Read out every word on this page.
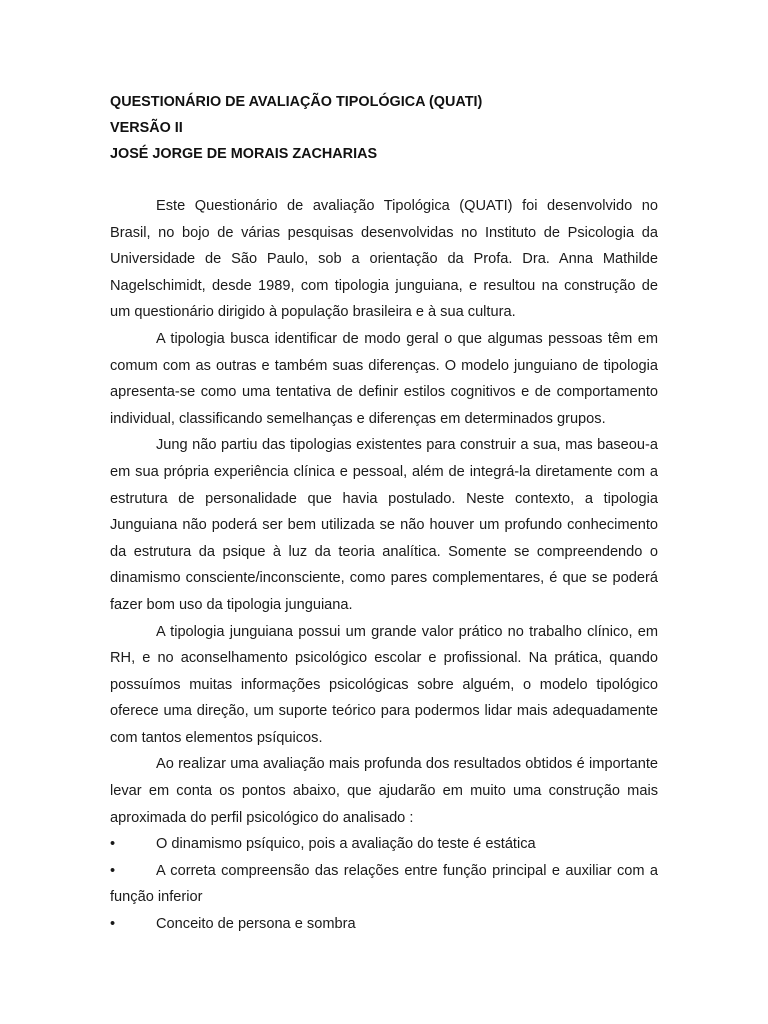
QUESTIONÁRIO DE AVALIAÇÃO TIPOLÓGICA (QUATI)
VERSÃO II
JOSÉ JORGE DE MORAIS ZACHARIAS

Este Questionário de avaliação Tipológica (QUATI) foi desenvolvido no Brasil, no bojo de várias pesquisas desenvolvidas no Instituto de Psicologia da Universidade de São Paulo, sob a orientação da Profa. Dra. Anna Mathilde Nagelschimidt, desde 1989, com tipologia junguiana, e resultou na construção de um questionário dirigido à população brasileira e à sua cultura.

A tipologia busca identificar de modo geral o que algumas pessoas têm em comum com as outras e também suas diferenças. O modelo junguiano de tipologia apresenta-se como uma tentativa de definir estilos cognitivos e de comportamento individual, classificando semelhanças e diferenças em determinados grupos.

Jung não partiu das tipologias existentes para construir a sua, mas baseou-a em sua própria experiência clínica e pessoal, além de integrá-la diretamente com a estrutura de personalidade que havia postulado. Neste contexto, a tipologia Junguiana não poderá ser bem utilizada se não houver um profundo conhecimento da estrutura da psique à luz da teoria analítica. Somente se compreendendo o dinamismo consciente/inconsciente, como pares complementares, é que se poderá fazer bom uso da tipologia junguiana.

A tipologia junguiana possui um grande valor prático no trabalho clínico, em RH, e no aconselhamento psicológico escolar e profissional. Na prática, quando possuímos muitas informações psicológicas sobre alguém, o modelo tipológico oferece uma direção, um suporte teórico para podermos lidar mais adequadamente com tantos elementos psíquicos.

Ao realizar uma avaliação mais profunda dos resultados obtidos é importante levar em conta os pontos abaixo, que ajudarão em muito uma construção mais aproximada do perfil psicológico do analisado :

•	O dinamismo psíquico, pois a avaliação do teste é estática
•	A correta compreensão das relações entre função principal e auxiliar com a função inferior
•	Conceito de persona e sombra
